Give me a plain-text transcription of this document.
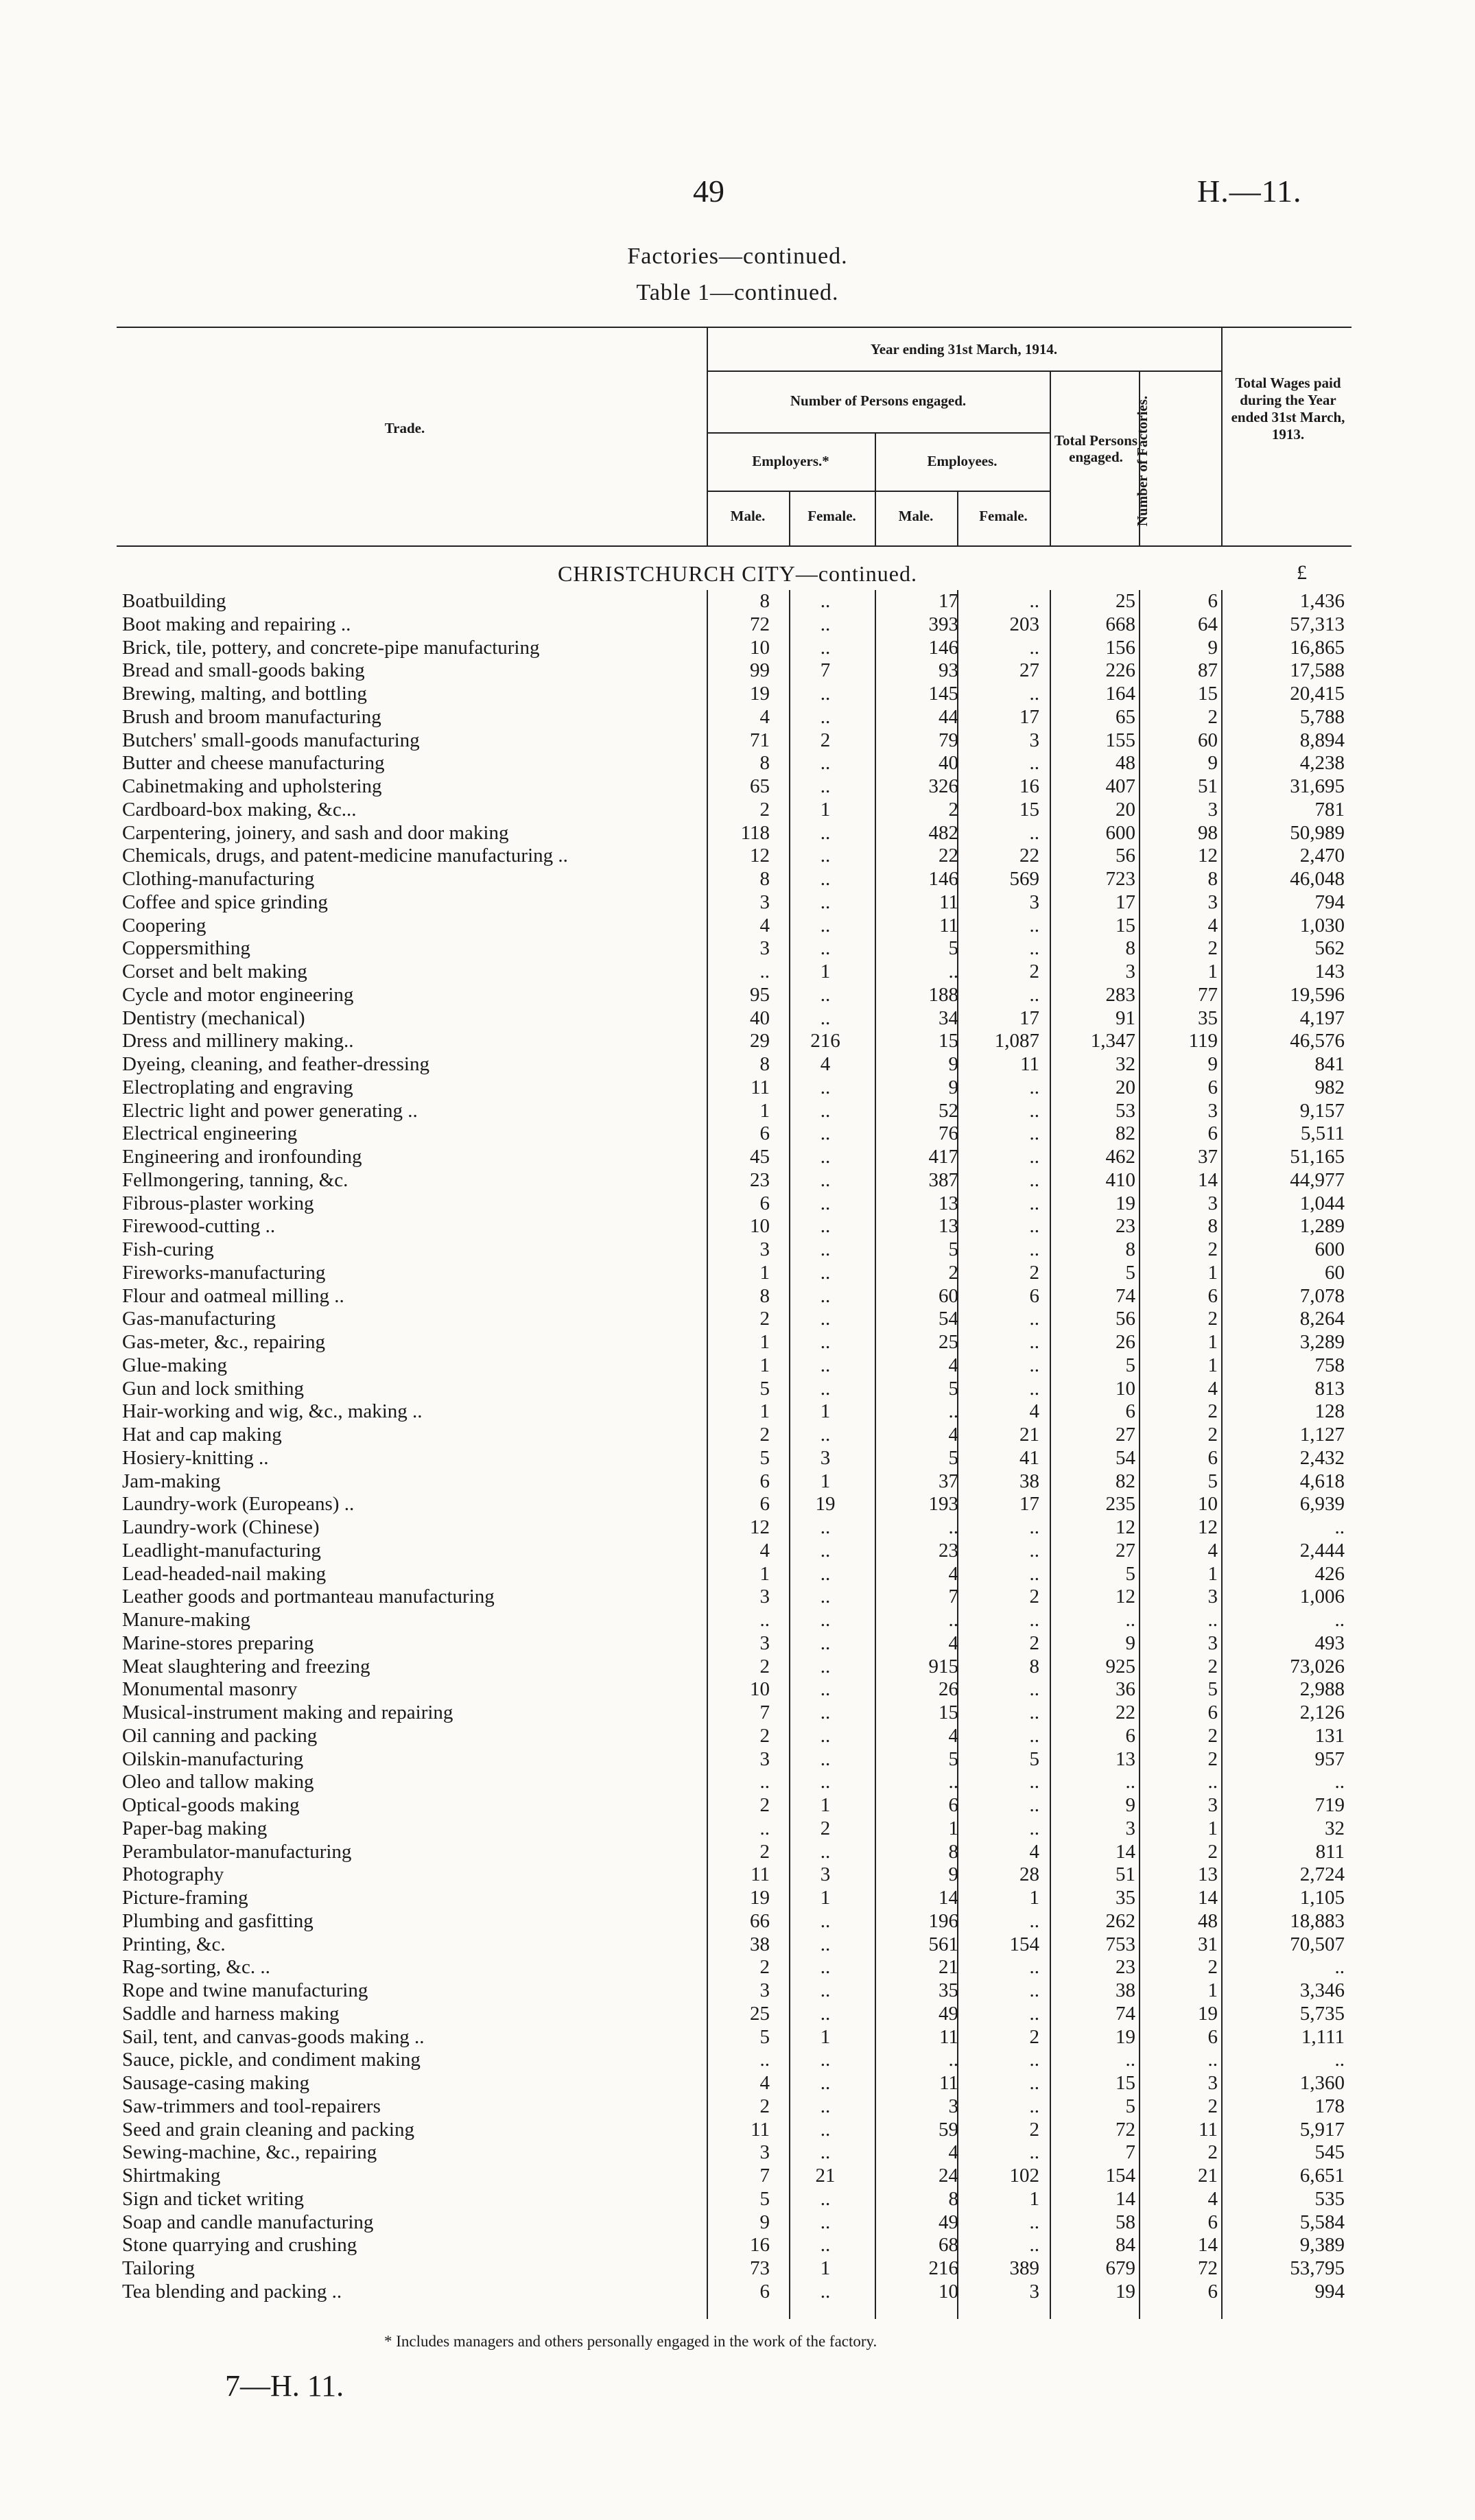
49	H.—11.
Factories—continued.
Table 1—continued.
Trade.
Year ending 31st March, 1914.
Number of Persons engaged.
Employers.*	Employees.
Male.	Female.	Male.	Female.
Total Persons engaged. Number of Factories.
Total Wages paid during the Year ended 31st March, 1913.
CHRISTCHURCH CITY—continued.	£
Boatbuilding	8	..	17	..	25	6	1,436
Boot making and repairing ..	72	..	393	203	668	64	57,313
Brick, tile, pottery, and concrete-pipe manufacturing	10	..	146	..	156	9	16,865
Bread and small-goods baking	99	7	93	27	226	87	17,588
Brewing, malting, and bottling	19	..	145	..	164	15	20,415
Brush and broom manufacturing	4	..	44	17	65	2	5,788
Butchers' small-goods manufacturing	71	2	79	3	155	60	8,894
Butter and cheese manufacturing	8	..	40	..	48	9	4,238
Cabinetmaking and upholstering	65	..	326	16	407	51	31,695
Cardboard-box making, &c...	2	1	2	15	20	3	781
Carpentering, joinery, and sash and door making	118	..	482	..	600	98	50,989
Chemicals, drugs, and patent-medicine manufacturing ..	12	..	22	22	56	12	2,470
Clothing-manufacturing	8	..	146	569	723	8	46,048
Coffee and spice grinding	3	..	11	3	17	3	794
Coopering	4	..	11	..	15	4	1,030
Coppersmithing	3	..	5	..	8	2	562
Corset and belt making	..	1	..	2	3	1	143
Cycle and motor engineering	95	..	188	..	283	77	19,596
Dentistry (mechanical)	40	..	34	17	91	35	4,197
Dress and millinery making..	29	216	15	1,087	1,347	119	46,576
Dyeing, cleaning, and feather-dressing	8	4	9	11	32	9	841
Electroplating and engraving	11	..	9	..	20	6	982
Electric light and power generating ..	1	..	52	..	53	3	9,157
Electrical engineering	6	..	76	..	82	6	5,511
Engineering and ironfounding	45	..	417	..	462	37	51,165
Fellmongering, tanning, &c.	23	..	387	..	410	14	44,977
Fibrous-plaster working	6	..	13	..	19	3	1,044
Firewood-cutting ..	10	..	13	..	23	8	1,289
Fish-curing	3	..	5	..	8	2	600
Fireworks-manufacturing	1	..	2	2	5	1	60
Flour and oatmeal milling ..	8	..	60	6	74	6	7,078
Gas-manufacturing	2	..	54	..	56	2	8,264
Gas-meter, &c., repairing	1	..	25	..	26	1	3,289
Glue-making	1	..	4	..	5	1	758
Gun and lock smithing	5	..	5	..	10	4	813
Hair-working and wig, &c., making ..	1	1	..	4	6	2	128
Hat and cap making	2	..	4	21	27	2	1,127
Hosiery-knitting ..	5	3	5	41	54	6	2,432
Jam-making	6	1	37	38	82	5	4,618
Laundry-work (Europeans) ..	6	19	193	17	235	10	6,939
Laundry-work (Chinese)	12	..	..	..	12	12	..
Leadlight-manufacturing	4	..	23	..	27	4	2,444
Lead-headed-nail making	1	..	4	..	5	1	426
Leather goods and portmanteau manufacturing	3	..	7	2	12	3	1,006
Manure-making	..	..	..	..	..	..	..
Marine-stores preparing	3	..	4	2	9	3	493
Meat slaughtering and freezing	2	..	915	8	925	2	73,026
Monumental masonry	10	..	26	..	36	5	2,988
Musical-instrument making and repairing	7	..	15	..	22	6	2,126
Oil canning and packing	2	..	4	..	6	2	131
Oilskin-manufacturing	3	..	5	5	13	2	957
Oleo and tallow making	..	..	..	..	..	..	..
Optical-goods making	2	1	6	..	9	3	719
Paper-bag making	..	2	1	..	3	1	32
Perambulator-manufacturing	2	..	8	4	14	2	811
Photography	11	3	9	28	51	13	2,724
Picture-framing	19	1	14	1	35	14	1,105
Plumbing and gasfitting	66	..	196	..	262	48	18,883
Printing, &c.	38	..	561	154	753	31	70,507
Rag-sorting, &c. ..	2	..	21	..	23	2	..
Rope and twine manufacturing	3	..	35	..	38	1	3,346
Saddle and harness making	25	..	49	..	74	19	5,735
Sail, tent, and canvas-goods making ..	5	1	11	2	19	6	1,111
Sauce, pickle, and condiment making	..	..	..	..	..	..	..
Sausage-casing making	4	..	11	..	15	3	1,360
Saw-trimmers and tool-repairers	2	..	3	..	5	2	178
Seed and grain cleaning and packing	11	..	59	2	72	11	5,917
Sewing-machine, &c., repairing	3	..	4	..	7	2	545
Shirtmaking	7	21	24	102	154	21	6,651
Sign and ticket writing	5	..	8	1	14	4	535
Soap and candle manufacturing	9	..	49	..	58	6	5,584
Stone quarrying and crushing	16	..	68	..	84	14	9,389
Tailoring	73	1	216	389	679	72	53,795
Tea blending and packing ..	6	..	10	3	19	6	994
* Includes managers and others personally engaged in the work of the factory.
7—H. 11.
